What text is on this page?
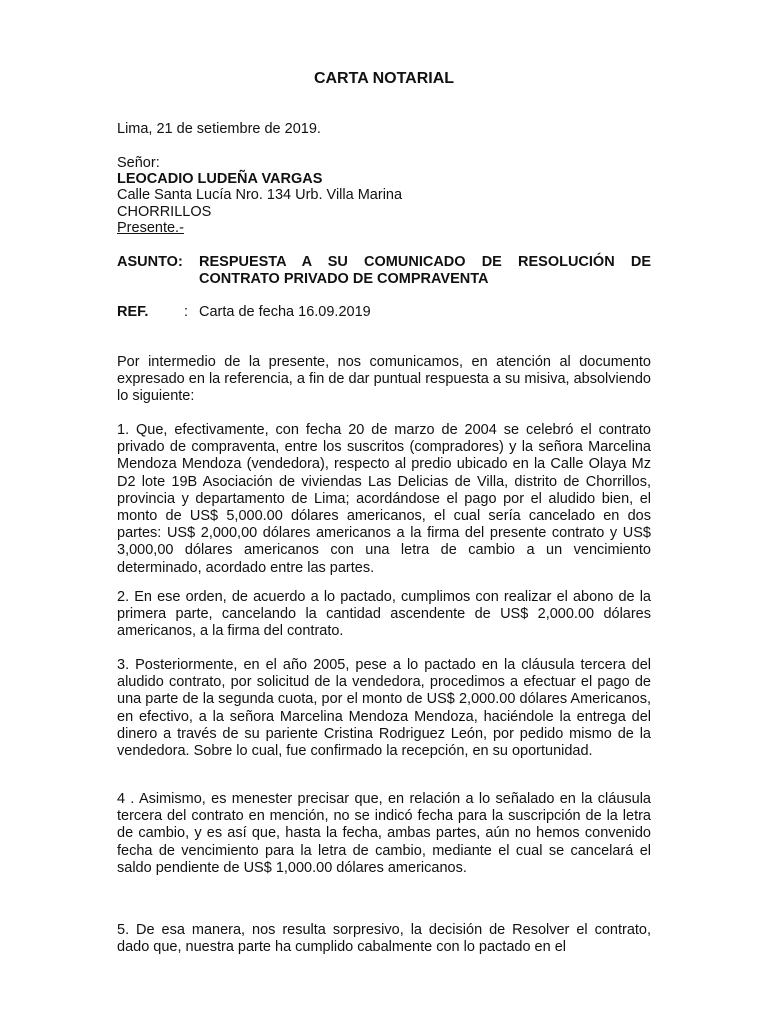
CARTA NOTARIAL
Lima, 21 de setiembre de 2019.
Señor:
LEOCADIO LUDEÑA VARGAS
Calle Santa Lucía Nro. 134 Urb. Villa Marina
CHORRILLOS
Presente.-
ASUNTO: RESPUESTA A SU COMUNICADO DE RESOLUCIÓN DE CONTRATO PRIVADO DE COMPRAVENTA
REF. : Carta de fecha 16.09.2019
Por intermedio de la presente, nos comunicamos, en atención al documento expresado en la referencia, a fin de dar puntual respuesta a su misiva, absolviendo lo siguiente:
1. Que, efectivamente, con fecha 20 de marzo de 2004 se celebró el contrato privado de compraventa, entre los suscritos (compradores) y la señora Marcelina Mendoza Mendoza (vendedora), respecto al predio ubicado en la Calle Olaya Mz D2 lote 19B Asociación de viviendas Las Delicias de Villa, distrito de Chorrillos, provincia y departamento de Lima; acordándose el pago por el aludido bien, el monto de US$ 5,000.00 dólares americanos, el cual sería cancelado en dos partes: US$ 2,000,00 dólares americanos a la firma del presente contrato y US$ 3,000,00 dólares americanos con una letra de cambio a un vencimiento determinado, acordado entre las partes.
2. En ese orden, de acuerdo a lo pactado, cumplimos con realizar el abono de la primera parte, cancelando la cantidad ascendente de US$ 2,000.00 dólares americanos, a la firma del contrato.
3. Posteriormente, en el año 2005, pese a lo pactado en la cláusula tercera del aludido contrato, por solicitud de la vendedora, procedimos a efectuar el pago de una parte de la segunda cuota, por el monto de US$ 2,000.00 dólares Americanos, en efectivo, a la señora Marcelina Mendoza Mendoza, haciéndole la entrega del dinero a través de su pariente Cristina Rodriguez León, por pedido mismo de la vendedora. Sobre lo cual, fue confirmado la recepción, en su oportunidad.
4 . Asimismo, es menester precisar que, en relación a lo señalado en la cláusula tercera del contrato en mención, no se indicó fecha para la suscripción de la letra de cambio, y es así que, hasta la fecha, ambas partes, aún no hemos convenido fecha de vencimiento para la letra de cambio, mediante el cual se cancelará el saldo pendiente de US$ 1,000.00 dólares americanos.
5. De esa manera, nos resulta sorpresivo, la decisión de Resolver el contrato, dado que, nuestra parte ha cumplido cabalmente con lo pactado en el
